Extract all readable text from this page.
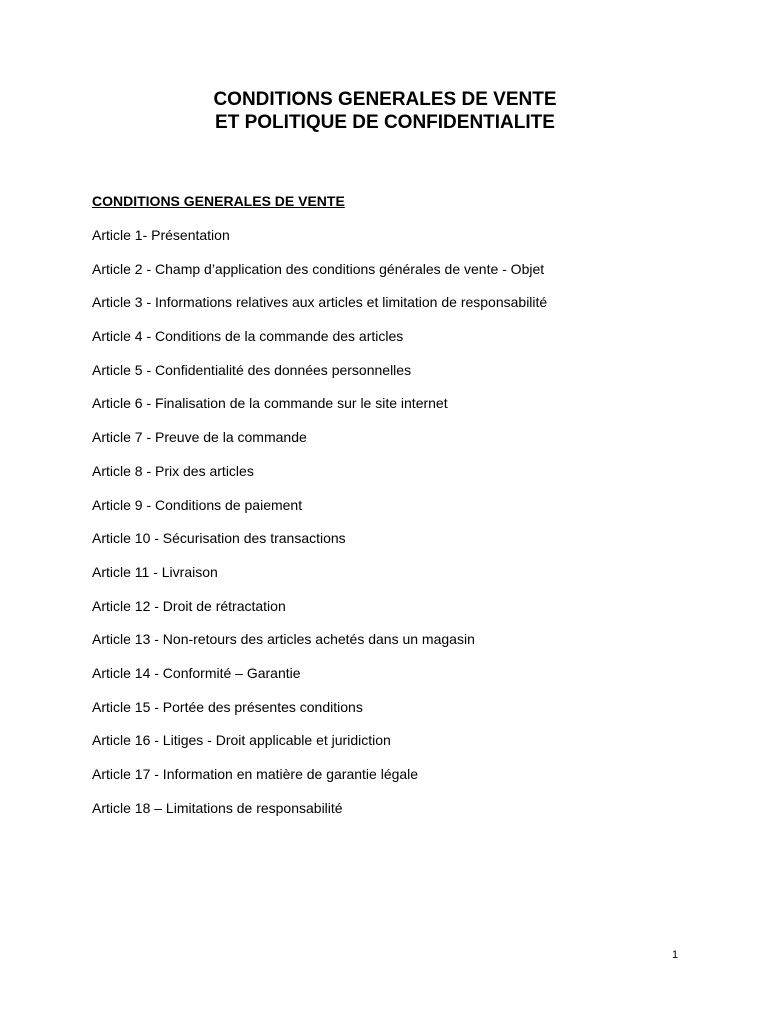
CONDITIONS GENERALES DE VENTE
ET POLITIQUE DE CONFIDENTIALITE
CONDITIONS GENERALES DE VENTE
Article 1- Présentation
Article 2 - Champ d’application des conditions générales de vente - Objet
Article 3 - Informations relatives aux articles et limitation de responsabilité
Article 4 - Conditions de la commande des articles
Article 5 - Confidentialité des données personnelles
Article 6 - Finalisation de la commande sur le site internet
Article 7 - Preuve de la commande
Article 8 - Prix des articles
Article 9 - Conditions de paiement
Article 10 - Sécurisation des transactions
Article 11 - Livraison
Article 12 - Droit de rétractation
Article 13 - Non-retours des articles achetés dans un magasin
Article 14 - Conformité – Garantie
Article 15 - Portée des présentes conditions
Article 16 - Litiges - Droit applicable et juridiction
Article 17 - Information en matière de garantie légale
Article 18 – Limitations de responsabilité
1
